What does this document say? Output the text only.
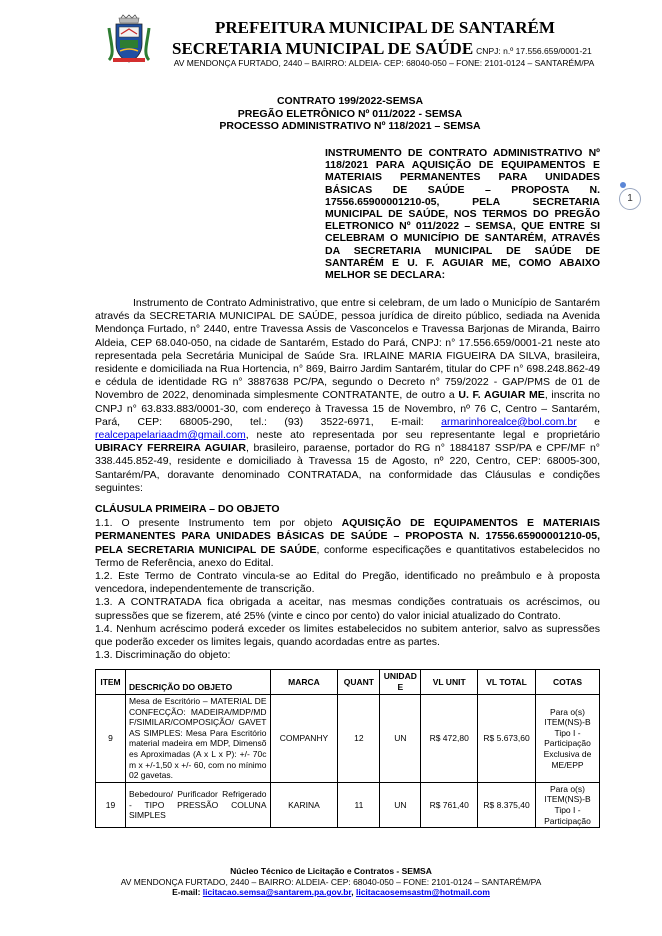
PREFEITURA MUNICIPAL DE SANTARÉM
SECRETARIA MUNICIPAL DE SAÚDE CNPJ: n.º 17.556.659/0001-21
AV MENDONÇA FURTADO, 2440 – BAIRRO: ALDEIA- CEP: 68040-050 – FONE: 2101-0124 – SANTARÉM/PA
CONTRATO 199/2022-SEMSA
PREGÃO ELETRÔNICO Nº 011/2022 - SEMSA
PROCESSO ADMINISTRATIVO Nº 118/2021 – SEMSA
INSTRUMENTO DE CONTRATO ADMINISTRATIVO Nº 118/2021 PARA AQUISIÇÃO DE EQUIPAMENTOS E MATERIAIS PERMANENTES PARA UNIDADES BÁSICAS DE SAÚDE – PROPOSTA N. 17556.65900001210-05, PELA SECRETARIA MUNICIPAL DE SAÚDE, NOS TERMOS DO PREGÃO ELETRONICO Nº 011/2022 – SEMSA, QUE ENTRE SI CELEBRAM O MUNICÍPIO DE SANTARÉM, ATRAVÉS DA SECRETARIA MUNICIPAL DE SAÚDE DE SANTARÉM E U. F. AGUIAR ME, COMO ABAIXO MELHOR SE DECLARA:
1

Instrumento de Contrato Administrativo, que entre si celebram, de um lado o Município de Santarém através da SECRETARIA MUNICIPAL DE SAÚDE, pessoa jurídica de direito público, sediada na Avenida Mendonça Furtado, n° 2440, entre Travessa Assis de Vasconcelos e Travessa Barjonas de Miranda, Bairro Aldeia, CEP 68.040-050, na cidade de Santarém, Estado do Pará, CNPJ: n° 17.556.659/0001-21 neste ato representada pela Secretária Municipal de Saúde Sra. IRLAINE MARIA FIGUEIRA DA SILVA, brasileira, residente e domiciliada na Rua Hortencia, n° 869, Bairro Jardim Santarém, titular do CPF n° 698.248.862-49 e cédula de identidade RG n° 3887638 PC/PA, segundo o Decreto n° 759/2022 - GAP/PMS de 01 de Novembro de 2022, denominada simplesmente CONTRATANTE, de outro a U. F. AGUIAR ME, inscrita no CNPJ n° 63.833.883/0001-30, com endereço à Travessa 15 de Novembro, nº 76 C, Centro – Santarém, Pará, CEP: 68005-290, tel.: (93) 3522-6971, E-mail: armarinhorealce@bol.com.br e realcepapelariaadm@gmail.com, neste ato representada por seu representante legal e proprietário UBIRACY FERREIRA AGUIAR, brasileiro, paraense, portador do RG n° 1884187 SSP/PA e CPF/MF n° 338.445.852-49, residente e domiciliado à Travessa 15 de Agosto, nº 220, Centro, CEP: 68005-300, Santarém/PA, doravante denominado CONTRATADA, na conformidade das Cláusulas e condições seguintes:

CLÁUSULA PRIMEIRA – DO OBJETO

1.1. O presente Instrumento tem por objeto AQUISIÇÃO DE EQUIPAMENTOS E MATERIAIS PERMANENTES PARA UNIDADES BÁSICAS DE SAÚDE – PROPOSTA N. 17556.65900001210-05, PELA SECRETARIA MUNICIPAL DE SAÚDE, conforme especificações e quantitativos estabelecidos no Termo de Referência, anexo do Edital.

1.2. Este Termo de Contrato vincula-se ao Edital do Pregão, identificado no preâmbulo e à proposta vencedora, independentemente de transcrição.

1.3. A CONTRATADA fica obrigada a aceitar, nas mesmas condições contratuais os acréscimos, ou supressões que se fizerem, até 25% (vinte e cinco por cento) do valor inicial atualizado do Contrato.

1.4. Nenhum acréscimo poderá exceder os limites estabelecidos no subitem anterior, salvo as supressões que poderão exceder os limites legais, quando acordadas entre as partes.

1.3. Discriminação do objeto:

ITEM	DESCRIÇÃO DO OBJETO	MARCA	QUANT	UNIDADE	VL UNIT	VL TOTAL	COTAS
9	Mesa de Escritório – MATERIAL DE CONFECÇÃO: MADEIRA/MDP/MDF/SIMILAR/COMPOSIÇÃO/ GAVETAS SIMPLES: Mesa Para Escritório material madeira em MDP, Dimensões Aproximadas (A x L x P): +/- 70cm x +/-1,50 x +/- 60, com no mínimo 02 gavetas.	COMPANHY	12	UN	R$ 472,80	R$ 5.673,60	Para o(s) ITEM(NS)-B Tipo I - Participação Exclusiva de ME/EPP
19	Bebedouro/ Purificador Refrigerado - TIPO PRESSÃO COLUNA SIMPLES	KARINA	11	UN	R$ 761,40	R$ 8.375,40	Para o(s) ITEM(NS)-B Tipo I - Participação
Núcleo Técnico de Licitação e Contratos - SEMSA
AV MENDONÇA FURTADO, 2440 – BAIRRO: ALDEIA- CEP: 68040-050 – FONE: 2101-0124 – SANTARÉM/PA
E-mail: licitacao.semsa@santarem.pa.gov.br, licitacaosemsastm@hotmail.com
